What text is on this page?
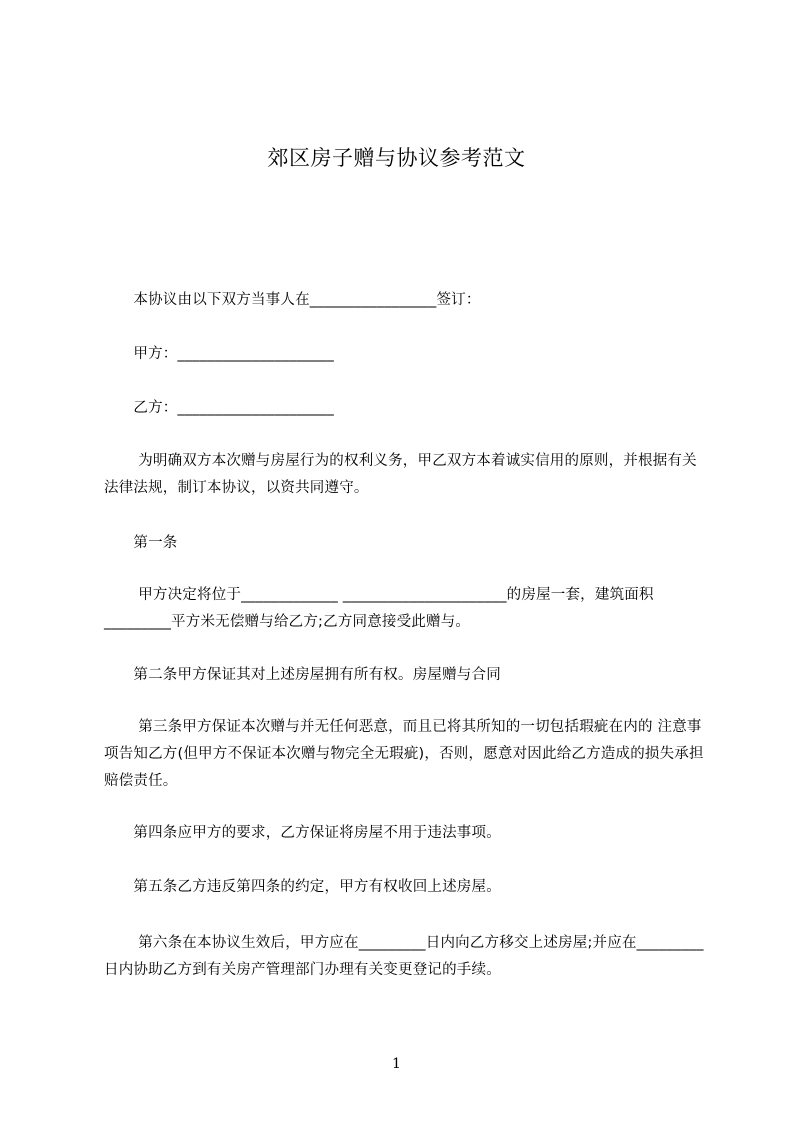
郊区房子赠与协议参考范文
　　本协议由以下双方当事人在_________________签订：
　　甲方：_____________________
　　乙方：_____________________
　　 为明确双方本次赠与房屋行为的权利义务，甲乙双方本着诚实信用的原则，并根据有关法律法规，制订本协议，以资共同遵守。
　　第一条
　　 甲方决定将位于_____________ ______________________的房屋一套，建筑面积_________平方米无偿赠与给乙方;乙方同意接受此赠与。
　　第二条甲方保证其对上述房屋拥有所有权。房屋赠与合同
　　 第三条甲方保证本次赠与并无任何恶意，而且已将其所知的一切包括瑕疵在内的 注意事项告知乙方(但甲方不保证本次赠与物完全无瑕疵)，否则，愿意对因此给乙方造成的损失承担赔偿责任。
　　第四条应甲方的要求，乙方保证将房屋不用于违法事项。
　　第五条乙方违反第四条的约定，甲方有权收回上述房屋。
　　 第六条在本协议生效后，甲方应在_________日内向乙方移交上述房屋;并应在_________日内协助乙方到有关房产管理部门办理有关变更登记的手续。
1
